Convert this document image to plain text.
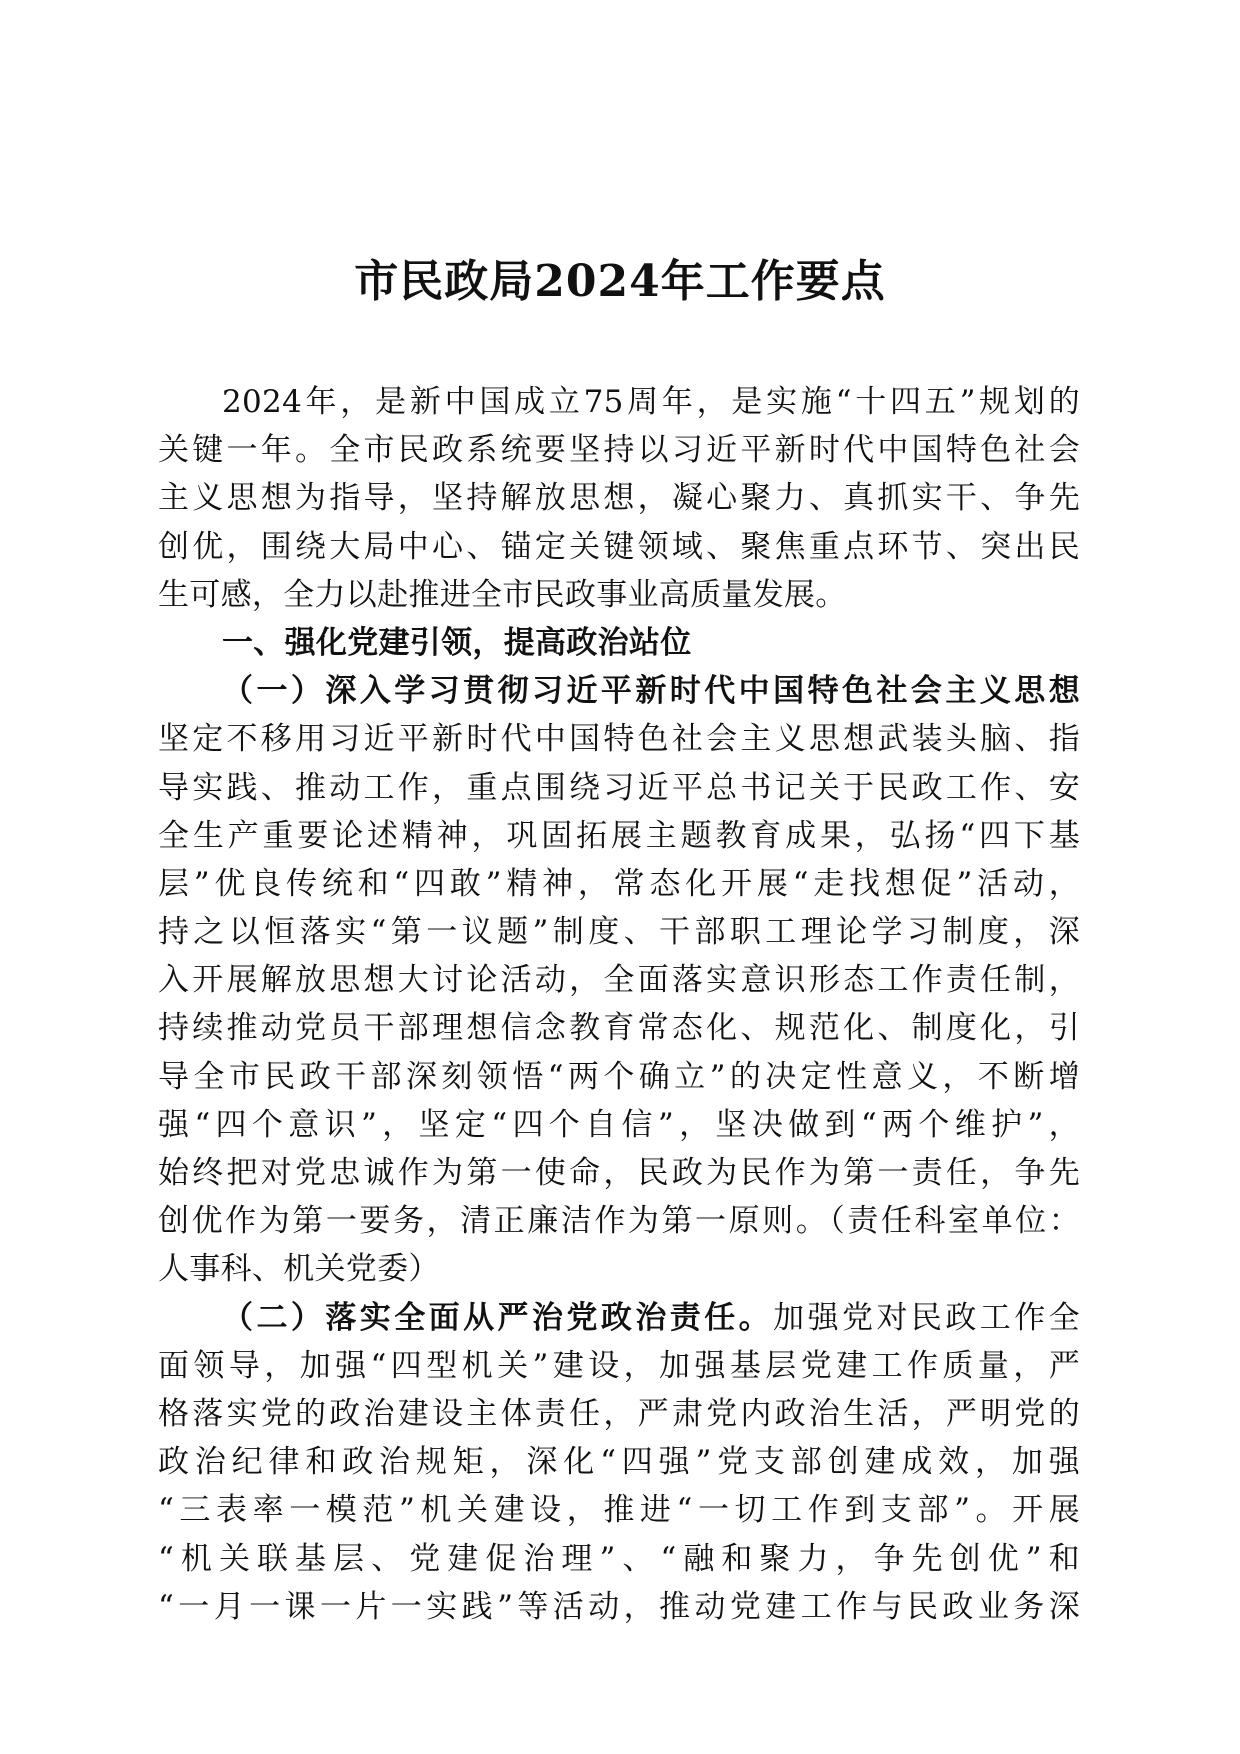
市民政局2024年工作要点
2024年，是新中国成立75周年，是实施“十四五”规划的
关键一年。全市民政系统要坚持以习近平新时代中国特色社会
主义思想为指导，坚持解放思想，凝心聚力、真抓实干、争先
创优，围绕大局中心、锚定关键领域、聚焦重点环节、突出民
生可感，全力以赴推进全市民政事业高质量发展。
一、强化党建引领，提高政治站位
（一）深入学习贯彻习近平新时代中国特色社会主义思想
坚定不移用习近平新时代中国特色社会主义思想武装头脑、指
导实践、推动工作，重点围绕习近平总书记关于民政工作、安
全生产重要论述精神，巩固拓展主题教育成果，弘扬“四下基
层”优良传统和“四敢”精神，常态化开展“走找想促”活动，
持之以恒落实“第一议题”制度、干部职工理论学习制度，深
入开展解放思想大讨论活动，全面落实意识形态工作责任制，
持续推动党员干部理想信念教育常态化、规范化、制度化，引
导全市民政干部深刻领悟“两个确立”的决定性意义，不断增
强“四个意识”，坚定“四个自信”，坚决做到“两个维护”，
始终把对党忠诚作为第一使命，民政为民作为第一责任，争先
创优作为第一要务，清正廉洁作为第一原则。（责任科室单位：
人事科、机关党委）
（二）落实全面从严治党政治责任。加强党对民政工作全
面领导，加强“四型机关”建设，加强基层党建工作质量，严
格落实党的政治建设主体责任，严肃党内政治生活，严明党的
政治纪律和政治规矩，深化“四强”党支部创建成效，加强
“三表率一模范”机关建设，推进“一切工作到支部”。开展
“机关联基层、党建促治理”、“融和聚力，争先创优”和
“一月一课一片一实践”等活动，推动党建工作与民政业务深
